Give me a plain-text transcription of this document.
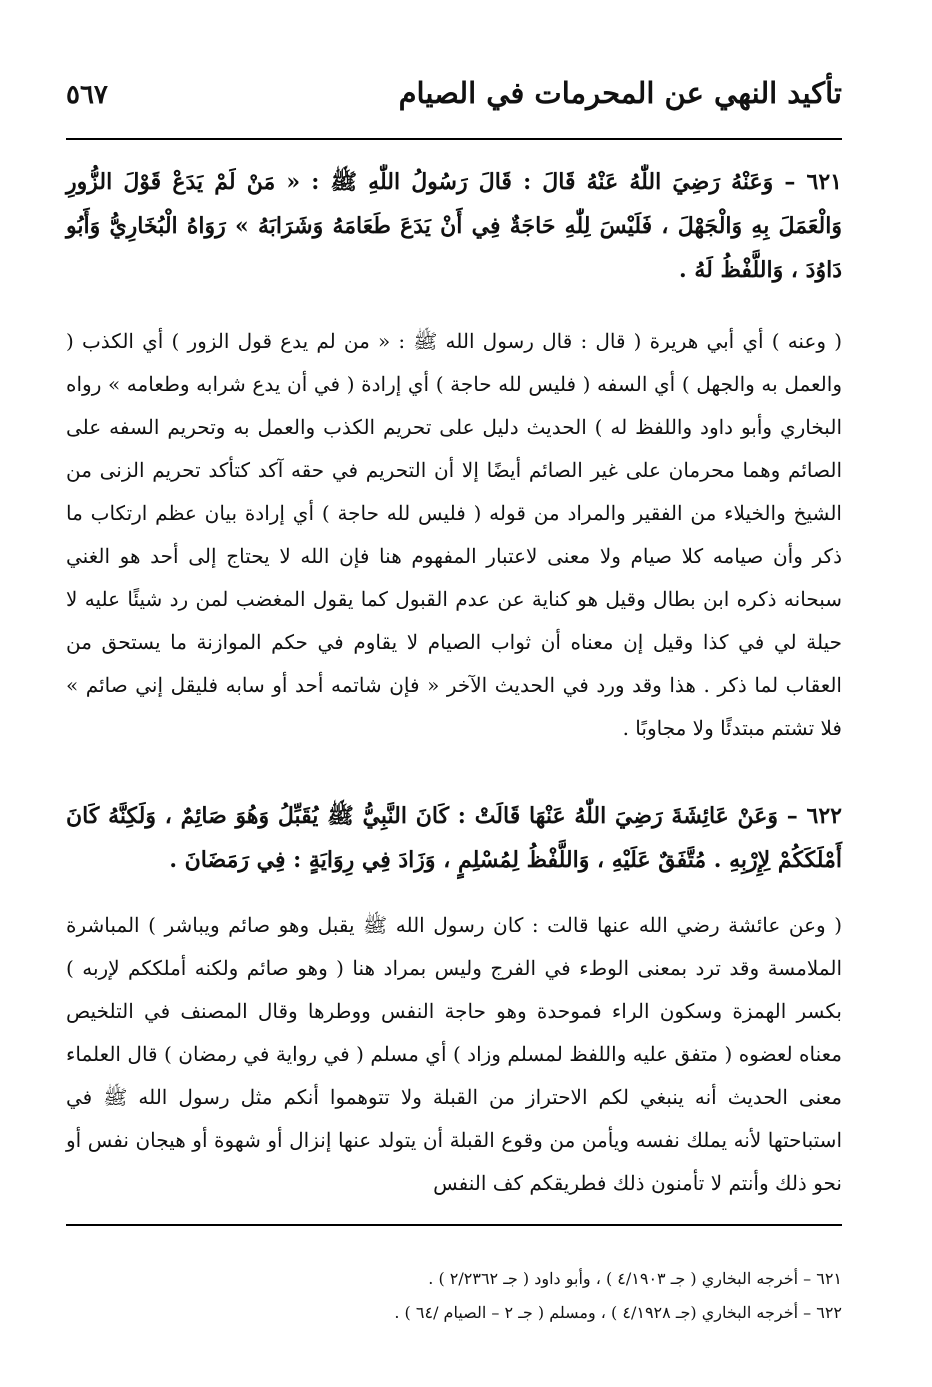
تأكيد النهي عن المحرمات في الصيام
٥٦٧
٦٢١ – وَعَنْهُ رَضِيَ اللّٰهُ عَنْهُ قَالَ : قَالَ رَسُولُ اللّٰهِ ﷺ : « مَنْ لَمْ يَدَعْ قَوْلَ الزُّورِ وَالْعَمَلَ بِهِ وَالْجَهْلَ ، فَلَيْسَ لِلّٰهِ حَاجَةٌ فِي أَنْ يَدَعَ طَعَامَهُ وَشَرَابَهُ » رَوَاهُ الْبُخَارِيُّ وَأَبُو دَاوُدَ ، وَاللَّفْظُ لَهُ .
( وعنه ) أي أبي هريرة ( قال : قال رسول الله ﷺ : « من لم يدع قول الزور ) أي الكذب ( والعمل به والجهل ) أي السفه ( فليس لله حاجة ) أي إرادة ( في أن يدع شرابه وطعامه » رواه البخاري وأبو داود واللفظ له ) الحديث دليل على تحريم الكذب والعمل به وتحريم السفه على الصائم وهما محرمان على غير الصائم أيضًا إلا أن التحريم في حقه آكد كتأكد تحريم الزنى من الشيخ والخيلاء من الفقير والمراد من قوله ( فليس لله حاجة ) أي إرادة بيان عظم ارتكاب ما ذكر وأن صيامه كلا صيام ولا معنى لاعتبار المفهوم هنا فإن الله لا يحتاج إلى أحد هو الغني سبحانه ذكره ابن بطال وقيل هو كناية عن عدم القبول كما يقول المغضب لمن رد شيئًا عليه لا حيلة لي في كذا وقيل إن معناه أن ثواب الصيام لا يقاوم في حكم الموازنة ما يستحق من العقاب لما ذكر . هذا وقد ورد في الحديث الآخر « فإن شاتمه أحد أو سابه فليقل إني صائم » فلا تشتم مبتدئًا ولا مجاوبًا .
٦٢٢ – وَعَنْ عَائِشَةَ رَضِيَ اللّٰهُ عَنْهَا قَالَتْ : كَانَ النَّبِيُّ ﷺ يُقَبِّلُ وَهُوَ صَائِمٌ ، وَلَكِنَّهُ كَانَ أَمْلَكَكُمْ لِإِرْبِهِ . مُتَّفَقٌ عَلَيْهِ ، وَاللَّفْظُ لِمُسْلِمٍ ، وَزَادَ فِي رِوَايَةٍ : فِي رَمَضَانَ .
( وعن عائشة رضي الله عنها قالت : كان رسول الله ﷺ يقبل وهو صائم ويباشر ) المباشرة الملامسة وقد ترد بمعنى الوطء في الفرج وليس بمراد هنا ( وهو صائم ولكنه أملككم لإربه ) بكسر الهمزة وسكون الراء فموحدة وهو حاجة النفس ووطرها وقال المصنف في التلخيص معناه لعضوه ( متفق عليه واللفظ لمسلم وزاد ) أي مسلم ( في رواية في رمضان ) قال العلماء معنى الحديث أنه ينبغي لكم الاحتراز من القبلة ولا تتوهموا أنكم مثل رسول الله ﷺ في استباحتها لأنه يملك نفسه ويأمن من وقوع القبلة أن يتولد عنها إنزال أو شهوة أو هيجان نفس أو نحو ذلك وأنتم لا تأمنون ذلك فطريقكم كف النفس
٦٢١ – أخرجه البخاري ( جـ ٤/١٩٠٣ ) ، وأبو داود ( جـ ٢/٢٣٦٢ ) .
٦٢٢ – أخرجه البخاري (جـ ٤/١٩٢٨ ) ، ومسلم ( جـ ٢ – الصيام /٦٤ ) .
